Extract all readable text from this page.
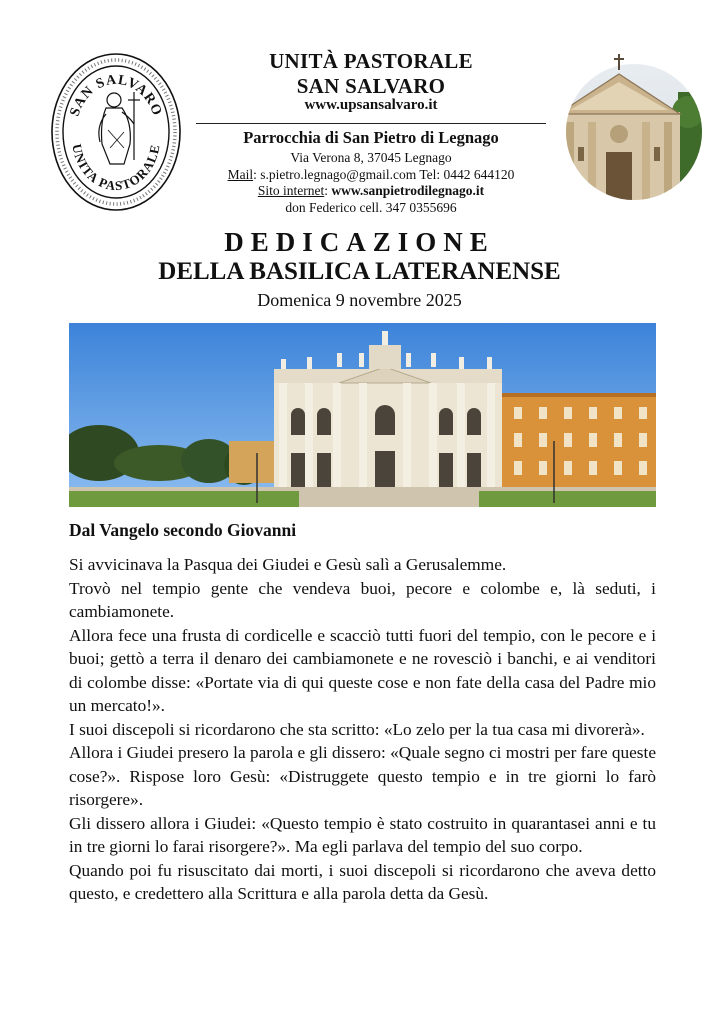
SAN SALVARO
UNITA PASTORALE
UNITÀ PASTORALE
SAN SALVARO
www.upsansalvaro.it
Parrocchia di San Pietro di Legnago
Via Verona 8, 37045 Legnago
Mail: s.pietro.legnago@gmail.com Tel: 0442 644120
Sito internet: www.sanpietrodilegnago.it
don Federico cell. 347 0355696
DEDICAZIONE
DELLA BASILICA LATERANENSE
Domenica 9 novembre 2025
Dal Vangelo secondo Giovanni

Si avvicinava la Pasqua dei Giudei e Gesù salì a Gerusalemme.

Trovò nel tempio gente che vendeva buoi, pecore e colombe e, là seduti, i cambiamonete.

Allora fece una frusta di cordicelle e scacciò tutti fuori del tempio, con le pecore e i buoi; gettò a terra il denaro dei cambiamonete e ne rovesciò i banchi, e ai venditori di colombe disse: «Portate via di qui queste cose e non fate della casa del Padre mio un mercato!».

I suoi discepoli si ricordarono che sta scritto: «Lo zelo per la tua casa mi divorerà».

Allora i Giudei presero la parola e gli dissero: «Quale segno ci mostri per fare queste cose?». Rispose loro Gesù: «Distruggete questo tempio e in tre giorni lo farò risorgere».

Gli dissero allora i Giudei: «Questo tempio è stato costruito in quarantasei anni e tu in tre giorni lo farai risorgere?». Ma egli parlava del tempio del suo corpo.

Quando poi fu risuscitato dai morti, i suoi discepoli si ricordarono che aveva detto questo, e credettero alla Scrittura e alla parola detta da Gesù.
